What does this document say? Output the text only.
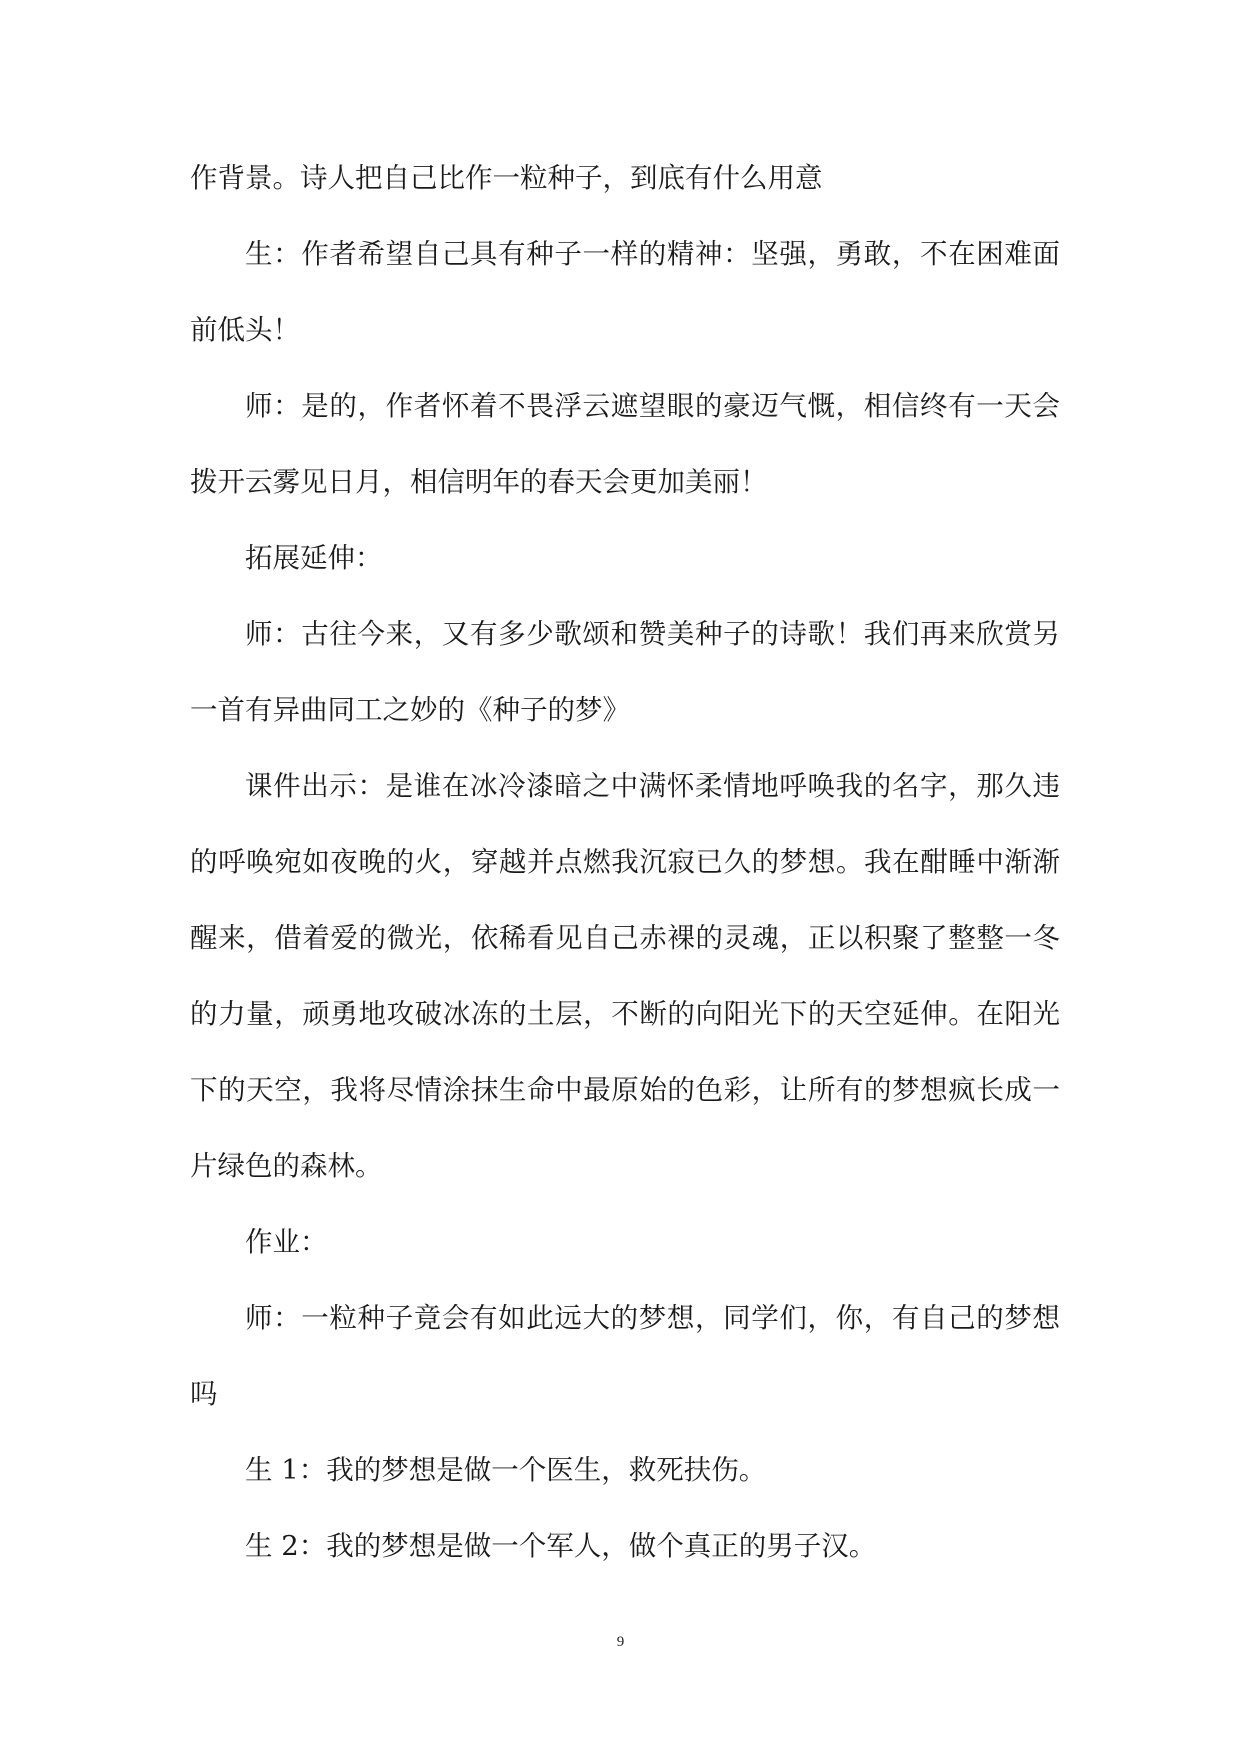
作背景。诗人把自己比作一粒种子，到底有什么用意

生：作者希望自己具有种子一样的精神：坚强，勇敢，不在困难面前低头！

师：是的，作者怀着不畏浮云遮望眼的豪迈气慨，相信终有一天会拨开云雾见日月，相信明年的春天会更加美丽！

拓展延伸：

师：古往今来，又有多少歌颂和赞美种子的诗歌！我们再来欣赏另一首有异曲同工之妙的《种子的梦》

课件出示：是谁在冰冷漆暗之中满怀柔情地呼唤我的名字，那久违的呼唤宛如夜晚的火，穿越并点燃我沉寂已久的梦想。我在酣睡中渐渐醒来，借着爱的微光，依稀看见自己赤裸的灵魂，正以积聚了整整一冬的力量，顽勇地攻破冰冻的土层，不断的向阳光下的天空延伸。在阳光下的天空，我将尽情涂抹生命中最原始的色彩，让所有的梦想疯长成一片绿色的森林。

作业：

师：一粒种子竟会有如此远大的梦想，同学们，你，有自己的梦想吗

生 1：我的梦想是做一个医生，救死扶伤。

生 2：我的梦想是做一个军人，做个真正的男子汉。

9
